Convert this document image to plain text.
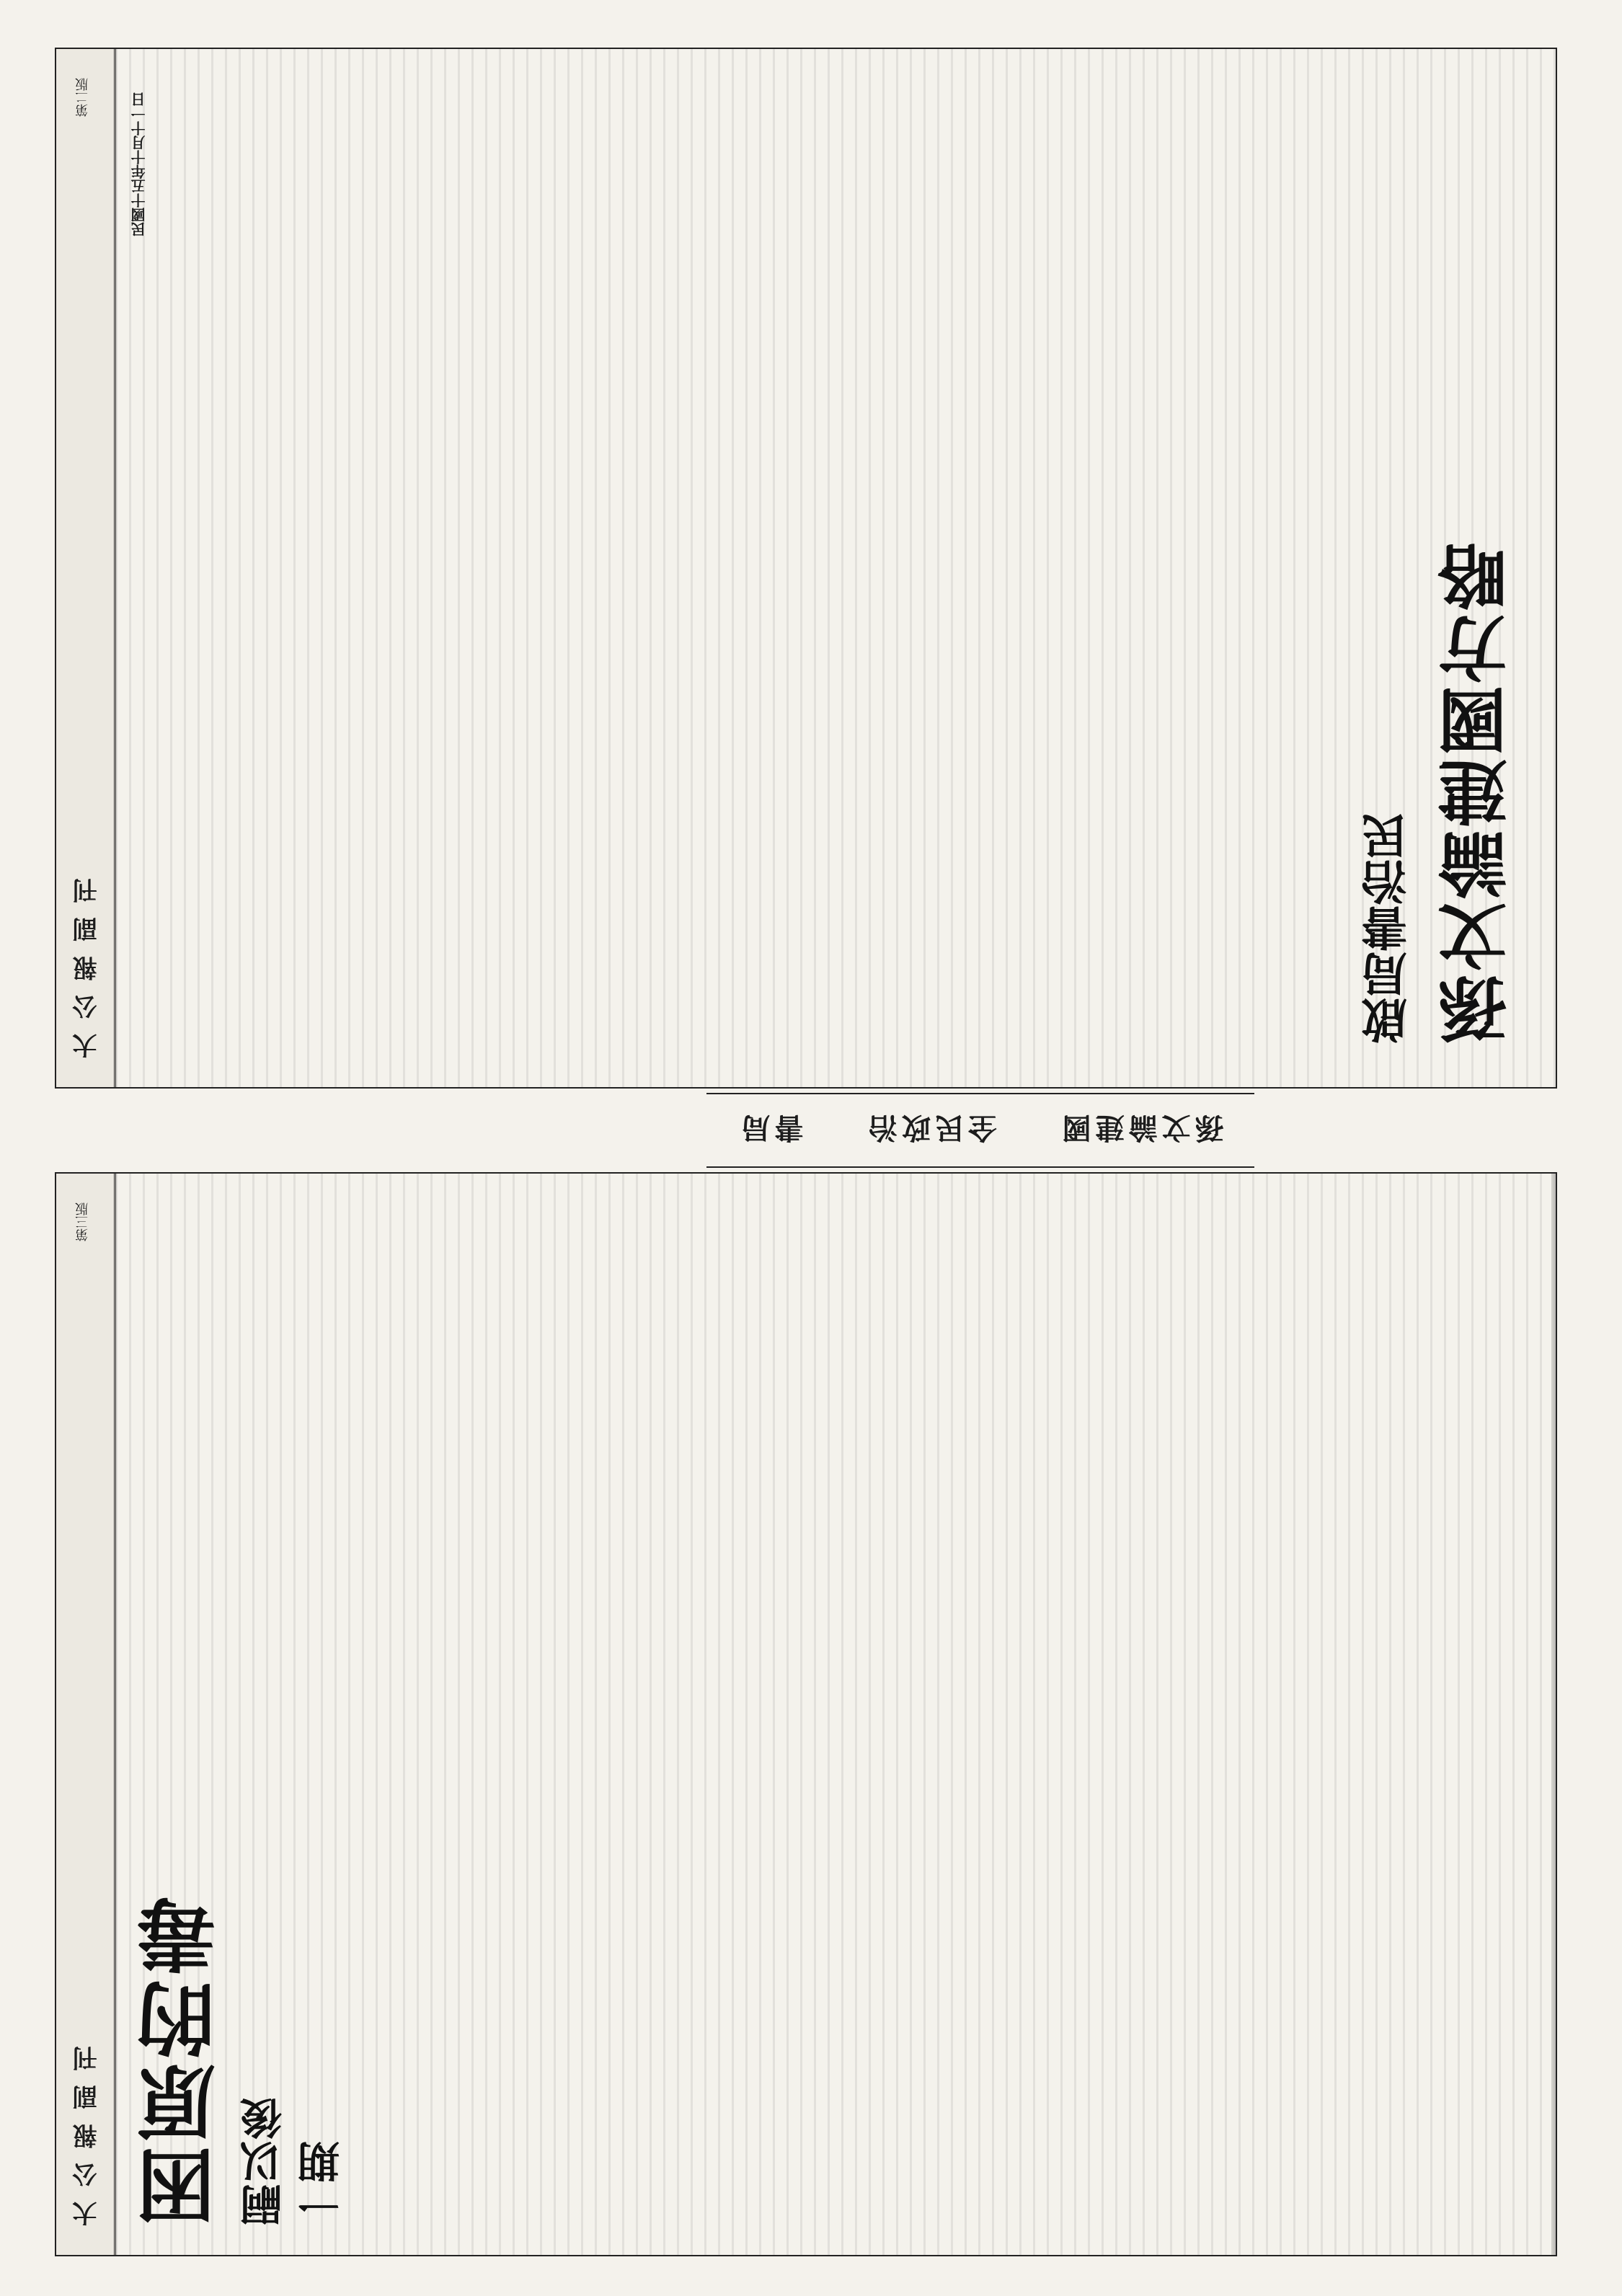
大 公 報 副 刊
第三版
困原的毒 嗣以後 一期
孫文論建國
全民政治
書局
大 公 報 副 刊
第二版
孫文論建國方略
啟局書治民
民國十五年十月十一日
